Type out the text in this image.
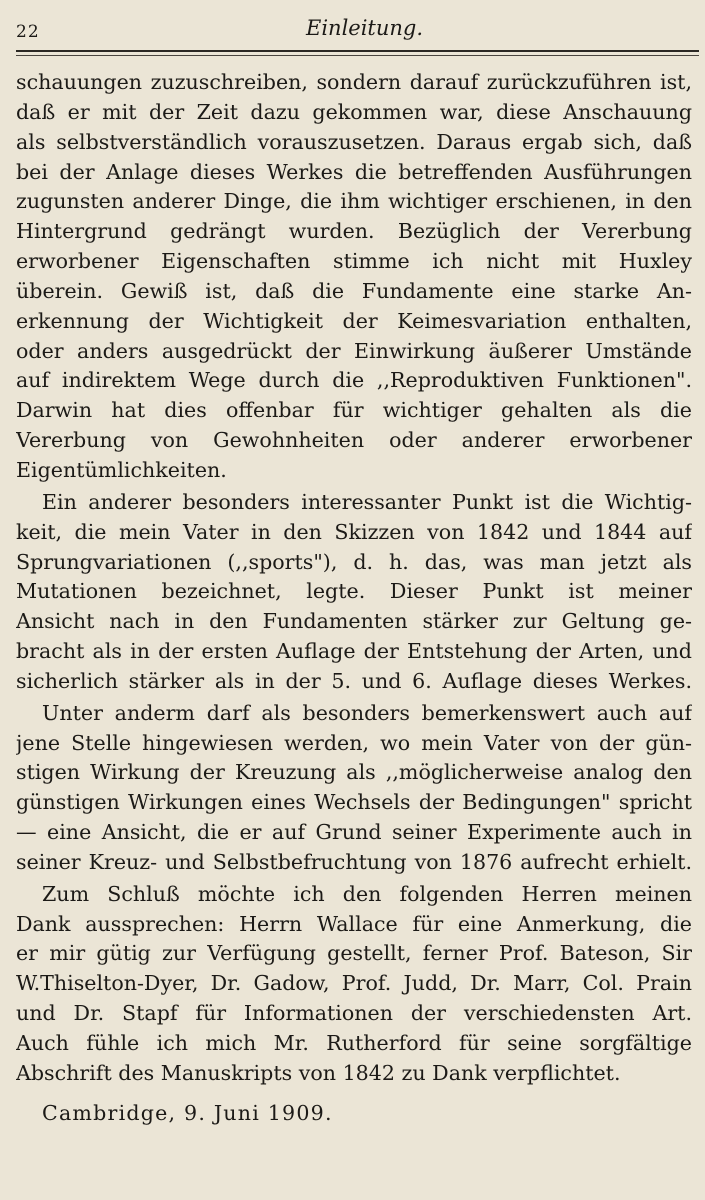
22	Einleitung.
schauungen zuzuschreiben, sondern darauf zurückzuführen ist,
daß er mit der Zeit dazu gekommen war, diese Anschauung
als selbstverständlich vorauszusetzen. Daraus ergab sich, daß
bei der Anlage dieses Werkes die betreffenden Ausführungen
zugunsten anderer Dinge, die ihm wichtiger erschienen, in den
Hintergrund gedrängt wurden. Bezüglich der Vererbung
erworbener Eigenschaften stimme ich nicht mit Huxley
überein. Gewiß ist, daß die Fundamente eine starke An-
erkennung der Wichtigkeit der Keimesvariation enthalten,
oder anders ausgedrückt der Einwirkung äußerer Umstände
auf indirektem Wege durch die ,,Reproduktiven Funktionen".
Darwin hat dies offenbar für wichtiger gehalten als die
Vererbung von Gewohnheiten oder anderer erworbener
Eigentümlichkeiten.
Ein anderer besonders interessanter Punkt ist die Wichtig-
keit, die mein Vater in den Skizzen von 1842 und 1844 auf
Sprungvariationen (,,sports"), d. h. das, was man jetzt als
Mutationen bezeichnet, legte. Dieser Punkt ist meiner
Ansicht nach in den Fundamenten stärker zur Geltung ge-
bracht als in der ersten Auflage der Entstehung der Arten, und
sicherlich stärker als in der 5. und 6. Auflage dieses Werkes.
Unter anderm darf als besonders bemerkenswert auch auf
jene Stelle hingewiesen werden, wo mein Vater von der gün-
stigen Wirkung der Kreuzung als ,,möglicherweise analog den
günstigen Wirkungen eines Wechsels der Bedingungen" spricht
— eine Ansicht, die er auf Grund seiner Experimente auch in
seiner Kreuz- und Selbstbefruchtung von 1876 aufrecht erhielt.
Zum Schluß möchte ich den folgenden Herren meinen
Dank aussprechen: Herrn Wallace für eine Anmerkung, die
er mir gütig zur Verfügung gestellt, ferner Prof. Bateson, Sir
W.Thiselton-Dyer, Dr. Gadow, Prof. Judd, Dr. Marr, Col. Prain
und Dr. Stapf für Informationen der verschiedensten Art.
Auch fühle ich mich Mr. Rutherford für seine sorgfältige
Abschrift des Manuskripts von 1842 zu Dank verpflichtet.
Cambridge, 9. Juni 1909.
